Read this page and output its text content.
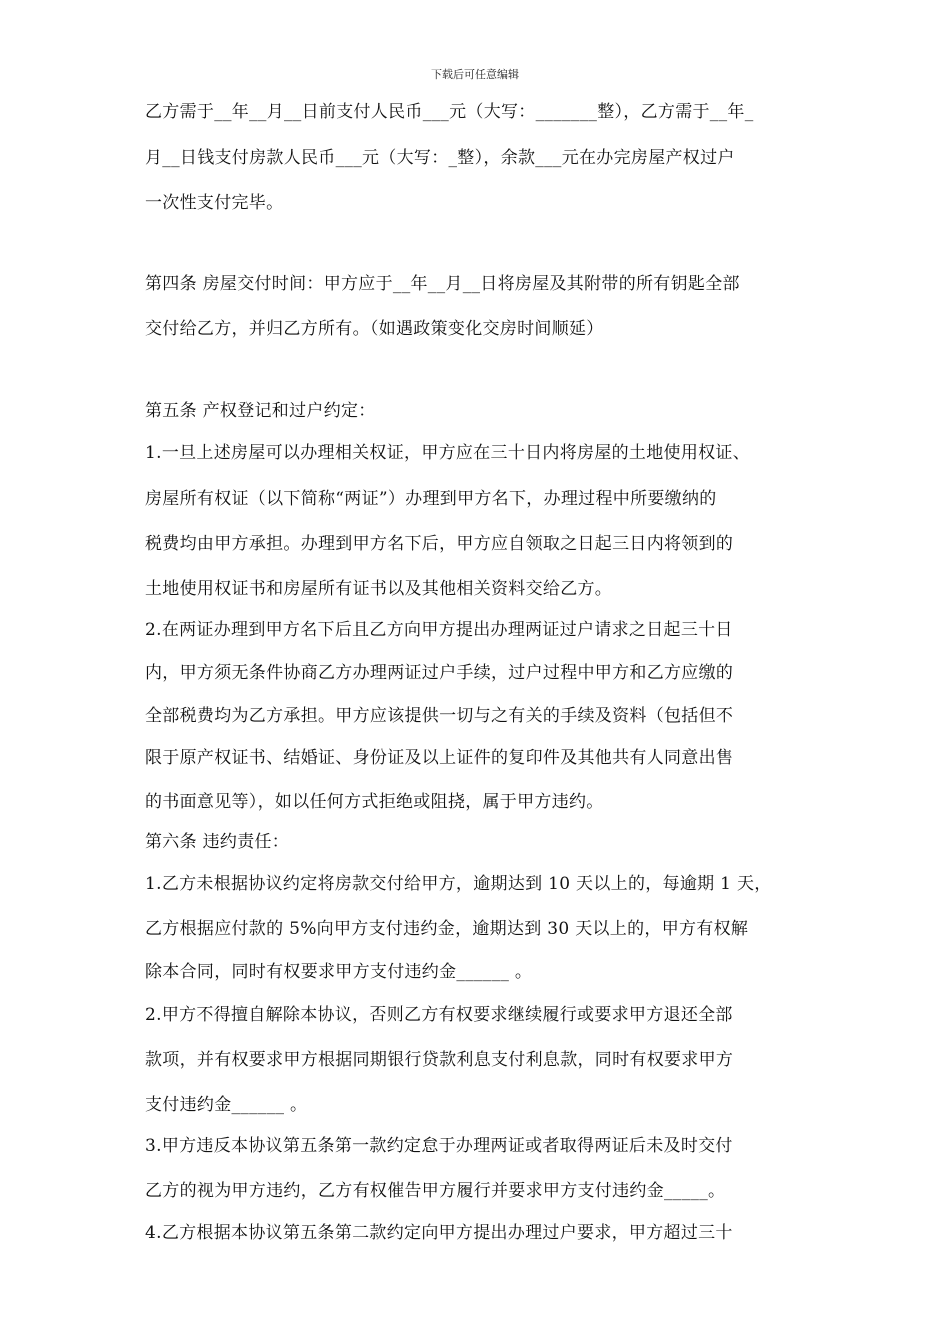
下载后可任意编辑
乙方需于__年__月__日前支付人民币___元（大写：_______整），乙方需于__年_
月__日钱支付房款人民币___元（大写：_整），余款___元在办完房屋产权过户
一次性支付完毕。
第四条 房屋交付时间：甲方应于__年__月__日将房屋及其附带的所有钥匙全部
交付给乙方，并归乙方所有。（如遇政策变化交房时间顺延）
第五条 产权登记和过户约定：
1.一旦上述房屋可以办理相关权证，甲方应在三十日内将房屋的土地使用权证、
房屋所有权证（以下简称“两证”）办理到甲方名下，办理过程中所要缴纳的
税费均由甲方承担。办理到甲方名下后，甲方应自领取之日起三日内将领到的
土地使用权证书和房屋所有证书以及其他相关资料交给乙方。
2.在两证办理到甲方名下后且乙方向甲方提出办理两证过户请求之日起三十日
内，甲方须无条件协商乙方办理两证过户手续，过户过程中甲方和乙方应缴的
全部税费均为乙方承担。甲方应该提供一切与之有关的手续及资料（包括但不
限于原产权证书、结婚证、身份证及以上证件的复印件及其他共有人同意出售
的书面意见等），如以任何方式拒绝或阻挠，属于甲方违约。
第六条 违约责任：
1.乙方未根据协议约定将房款交付给甲方，逾期达到 10 天以上的，每逾期 1 天，
乙方根据应付款的 5%向甲方支付违约金，逾期达到 30 天以上的，甲方有权解
除本合同，同时有权要求甲方支付违约金______ 。
2.甲方不得擅自解除本协议，否则乙方有权要求继续履行或要求甲方退还全部
款项，并有权要求甲方根据同期银行贷款利息支付利息款，同时有权要求甲方
支付违约金______ 。
3.甲方违反本协议第五条第一款约定怠于办理两证或者取得两证后未及时交付
乙方的视为甲方违约，乙方有权催告甲方履行并要求甲方支付违约金_____。
4.乙方根据本协议第五条第二款约定向甲方提出办理过户要求，甲方超过三十
